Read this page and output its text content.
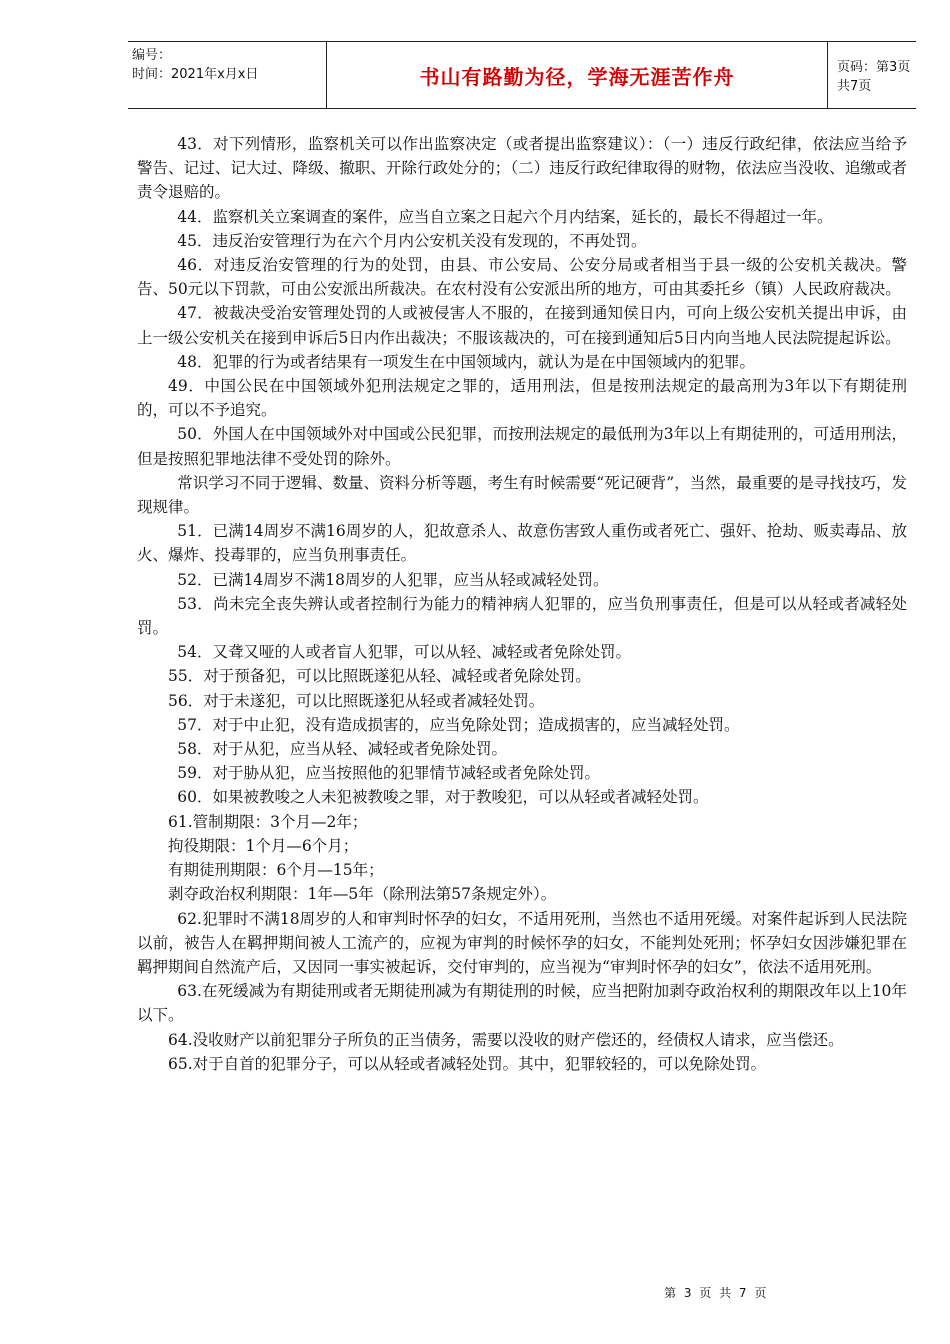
编号：
时间：2021年x月x日	书山有路勤为径，学海无涯苦作舟	页码：第3页 共7页

43．对下列情形，监察机关可以作出监察决定（或者提出监察建议）：（一）违反行政纪律，依法应当给予警告、记过、记大过、降级、撤职、开除行政处分的；（二）违反行政纪律取得的财物，依法应当没收、追缴或者责令退赔的。

44．监察机关立案调查的案件，应当自立案之日起六个月内结案，延长的，最长不得超过一年。

45．违反治安管理行为在六个月内公安机关没有发现的，不再处罚。

46．对违反治安管理的行为的处罚，由县、市公安局、公安分局或者相当于县一级的公安机关裁决。警告、50元以下罚款，可由公安派出所裁决。在农村没有公安派出所的地方，可由其委托乡（镇）人民政府裁决。

47．被裁决受治安管理处罚的人或被侵害人不服的，在接到通知侯日内，可向上级公安机关提出申诉，由上一级公安机关在接到申诉后5日内作出裁决；不服该裁决的，可在接到通知后5日内向当地人民法院提起诉讼。

48．犯罪的行为或者结果有一项发生在中国领域内，就认为是在中国领域内的犯罪。

49．中国公民在中国领域外犯刑法规定之罪的，适用刑法，但是按刑法规定的最高刑为3年以下有期徒刑的，可以不予追究。

50．外国人在中国领域外对中国或公民犯罪，而按刑法规定的最低刑为3年以上有期徒刑的，可适用刑法，但是按照犯罪地法律不受处罚的除外。

常识学习不同于逻辑、数量、资料分析等题，考生有时候需要“死记硬背”，当然，最重要的是寻找技巧，发现规律。

51．已满14周岁不满16周岁的人，犯故意杀人、故意伤害致人重伤或者死亡、强奸、抢劫、贩卖毒品、放火、爆炸、投毒罪的，应当负刑事责任。

52．已满14周岁不满18周岁的人犯罪，应当从轻或减轻处罚。

53．尚未完全丧失辨认或者控制行为能力的精神病人犯罪的，应当负刑事责任，但是可以从轻或者减轻处罚。

54．又聋又哑的人或者盲人犯罪，可以从轻、减轻或者免除处罚。

55．对于预备犯，可以比照既遂犯从轻、减轻或者免除处罚。

56．对于未遂犯，可以比照既遂犯从轻或者减轻处罚。

57．对于中止犯，没有造成损害的，应当免除处罚；造成损害的，应当减轻处罚。

58．对于从犯，应当从轻、减轻或者免除处罚。

59．对于胁从犯，应当按照他的犯罪情节减轻或者免除处罚。

60．如果被教唆之人未犯被教唆之罪，对于教唆犯，可以从轻或者减轻处罚。

61.管制期限：3个月—2年；

拘役期限：1个月—6个月；

有期徒刑期限：6个月—15年；

剥夺政治权利期限：1年—5年（除刑法第57条规定外）。

62.犯罪时不满18周岁的人和审判时怀孕的妇女，不适用死刑，当然也不适用死缓。对案件起诉到人民法院以前，被告人在羁押期间被人工流产的，应视为审判的时候怀孕的妇女，不能判处死刑；怀孕妇女因涉嫌犯罪在羁押期间自然流产后，又因同一事实被起诉，交付审判的，应当视为“审判时怀孕的妇女”，依法不适用死刑。

63.在死缓减为有期徒刑或者无期徒刑减为有期徒刑的时候，应当把附加剥夺政治权利的期限改年以上10年以下。

64.没收财产以前犯罪分子所负的正当债务，需要以没收的财产偿还的，经债权人请求，应当偿还。

65.对于自首的犯罪分子，可以从轻或者减轻处罚。其中，犯罪较轻的，可以免除处罚。

第 3 页 共 7 页
